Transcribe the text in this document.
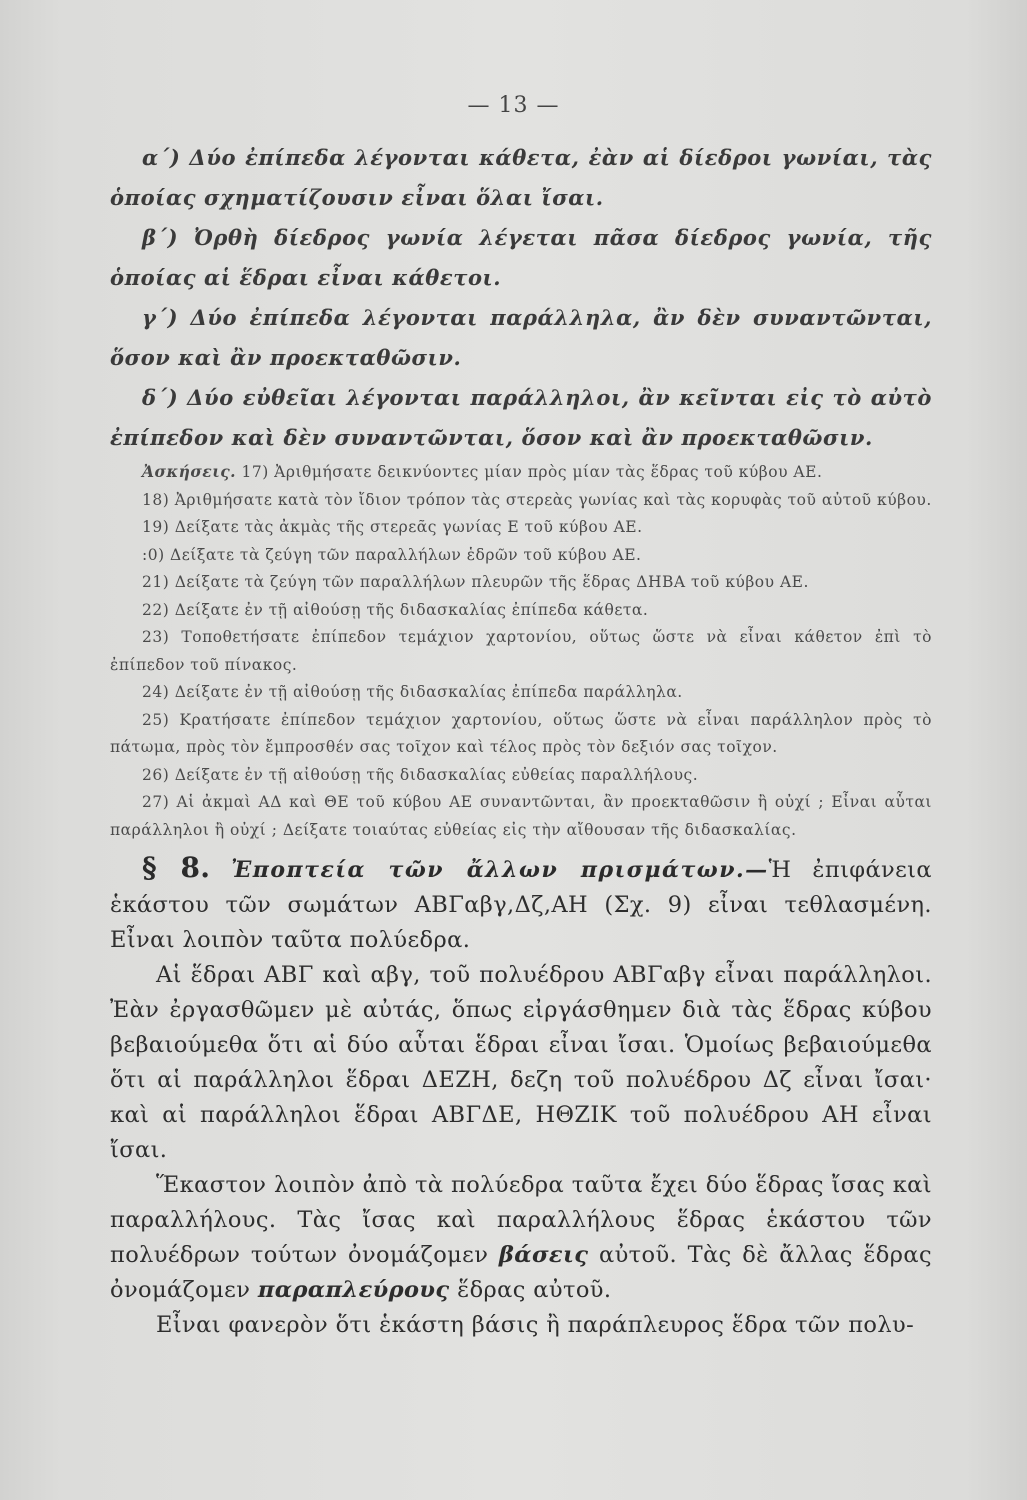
— 13 —

α΄) Δύο ἐπίπεδα λέγονται κάθετα, ἐὰν αἱ δίεδροι γωνίαι, τὰς ὁποίας σχηματίζουσιν εἶναι ὅλαι ἴσαι.

β΄) Ὀρθὴ δίεδρος γωνία λέγεται πᾶσα δίεδρος γωνία, τῆς ὁποίας αἱ ἕδραι εἶναι κάθετοι.

γ΄) Δύο ἐπίπεδα λέγονται παράλληλα, ἂν δὲν συναντῶνται, ὅσον καὶ ἂν προεκταθῶσιν.

δ΄) Δύο εὐθεῖαι λέγονται παράλληλοι, ἂν κεῖνται εἰς τὸ αὐτὸ ἐπίπεδον καὶ δὲν συναντῶνται, ὅσον καὶ ἂν προεκταθῶσιν.

Ἀσκήσεις. 17) Ἀριθμήσατε δεικνύοντες μίαν πρὸς μίαν τὰς ἕδρας τοῦ κύβου ΑΕ.

18) Ἀριθμήσατε κατὰ τὸν ἴδιον τρόπον τὰς στερεὰς γωνίας καὶ τὰς κορυφὰς τοῦ αὐτοῦ κύβου.

19) Δείξατε τὰς ἀκμὰς τῆς στερεᾶς γωνίας Ε τοῦ κύβου ΑΕ.

:0) Δείξατε τὰ ζεύγη τῶν παραλλήλων ἑδρῶν τοῦ κύβου ΑΕ.

21) Δείξατε τὰ ζεύγη τῶν παραλλήλων πλευρῶν τῆς ἕδρας ΔΗΒΑ τοῦ κύβου ΑΕ.

22) Δείξατε ἐν τῇ αἰθούσῃ τῆς διδασκαλίας ἐπίπεδα κάθετα.

23) Τοποθετήσατε ἐπίπεδον τεμάχιον χαρτονίου, οὕτως ὥστε νὰ εἶναι κάθετον ἐπὶ τὸ ἐπίπεδον τοῦ πίνακος.

24) Δείξατε ἐν τῇ αἰθούσῃ τῆς διδασκαλίας ἐπίπεδα παράλληλα.

25) Κρατήσατε ἐπίπεδον τεμάχιον χαρτονίου, οὕτως ὥστε νὰ εἶναι παράλληλον πρὸς τὸ πάτωμα, πρὸς τὸν ἔμπροσθέν σας τοῖχον καὶ τέλος πρὸς τὸν δεξιόν σας τοῖχον.

26) Δείξατε ἐν τῇ αἰθούσῃ τῆς διδασκαλίας εὐθείας παραλλήλους.

27) Αἱ ἀκμαὶ ΑΔ καὶ ΘΕ τοῦ κύβου ΑΕ συναντῶνται, ἂν προεκταθῶσιν ἢ οὐχί ; Εἶναι αὗται παράλληλοι ἢ οὐχί ; Δείξατε τοιαύτας εὐθείας εἰς τὴν αἴθουσαν τῆς διδασκαλίας.

§ 8. Ἐποπτεία τῶν ἄλλων πρισμάτων.—Ἡ ἐπιφάνεια ἑκάστου τῶν σωμάτων ΑΒΓαβγ,Δζ,ΑΗ (Σχ. 9) εἶναι τεθλασμένη. Εἶναι λοιπὸν ταῦτα πολύεδρα.

Αἱ ἕδραι ΑΒΓ καὶ αβγ, τοῦ πολυέδρου ΑΒΓαβγ εἶναι παράλληλοι. Ἐὰν ἐργασθῶμεν μὲ αὐτάς, ὅπως εἰργάσθημεν διὰ τὰς ἕδρας κύβου βεβαιούμεθα ὅτι αἱ δύο αὗται ἕδραι εἶναι ἴσαι. Ὁμοίως βεβαιούμεθα ὅτι αἱ παράλληλοι ἕδραι ΔΕΖΗ, δεζη τοῦ πολυέδρου Δζ εἶναι ἴσαι· καὶ αἱ παράλληλοι ἕδραι ΑΒΓΔΕ, ΗΘΖΙΚ τοῦ πολυέδρου ΑΗ εἶναι ἴσαι.

Ἕκαστον λοιπὸν ἀπὸ τὰ πολύεδρα ταῦτα ἔχει δύο ἕδρας ἴσας καὶ παραλλήλους. Τὰς ἴσας καὶ παραλλήλους ἕδρας ἑκάστου τῶν πολυέδρων τούτων ὀνομάζομεν βάσεις αὐτοῦ. Τὰς δὲ ἄλλας ἕδρας ὀνομάζομεν παραπλεύρους ἕδρας αὐτοῦ.

Εἶναι φανερὸν ὅτι ἑκάστη βάσις ἢ παράπλευρος ἕδρα τῶν πολυ-
